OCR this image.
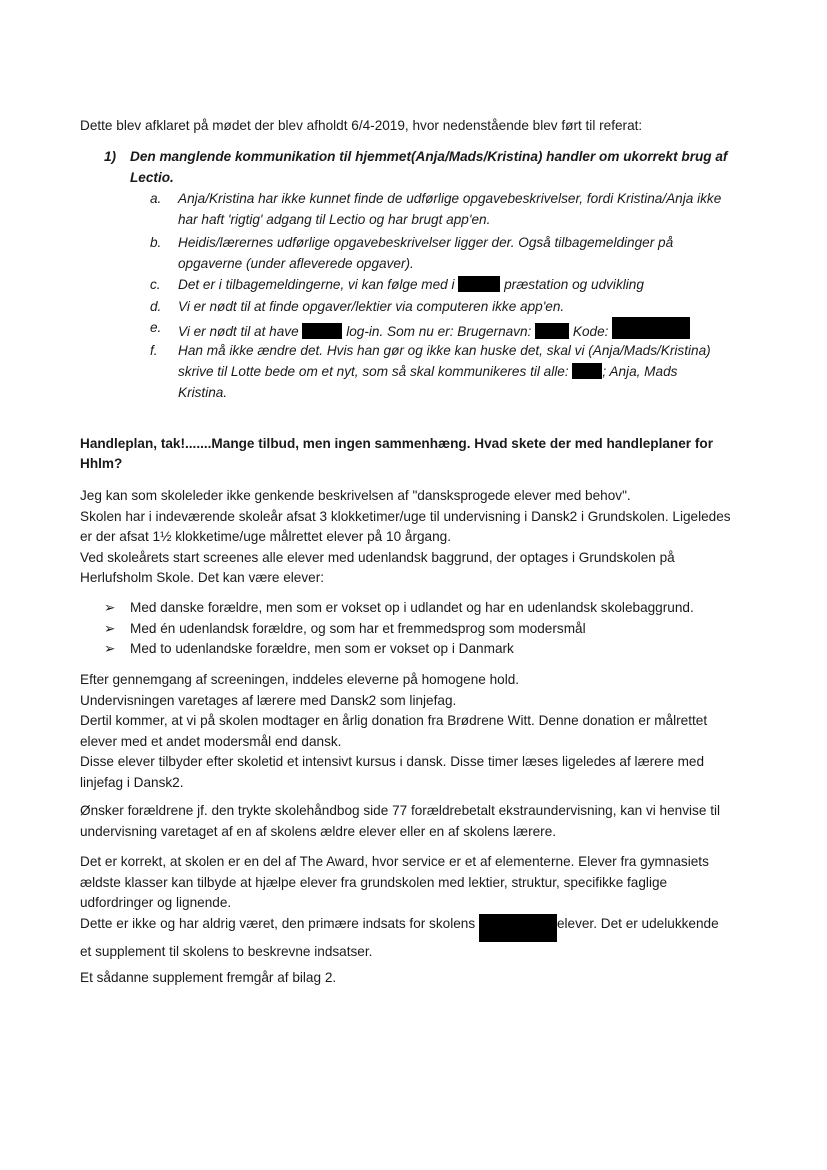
Dette blev afklaret på mødet der blev afholdt 6/4-2019, hvor nedenstående blev ført til referat:
1) Den manglende kommunikation til hjemmet(Anja/Mads/Kristina) handler om ukorrekt brug af
Lectio.
a. Anja/Kristina har ikke kunnet finde de udførlige opgavebeskrivelser, fordi Kristina/Anja ikke
har haft 'rigtig' adgang til Lectio og har brugt app'en.
b. Heidis/lærernes udførlige opgavebeskrivelser ligger der. Også tilbagemeldinger på
opgaverne (under afleverede opgaver).
c. Det er i tilbagemeldingerne, vi kan følge med i	præstation og udvikling
d. Vi er nødt til at finde opgaver/lektier via computeren ikke app'en.
e. Vi er nødt til at have	log-in. Som nu er: Brugernavn:	Kode:
f. Han må ikke ændre det. Hvis han gør og ikke kan huske det, skal vi (Anja/Mads/Kristina)
skrive til Lotte bede om et nyt, som så skal kommunikeres til alle: ; Anja, Mads
Kristina.
Handleplan, tak!.......Mange tilbud, men ingen sammenhæng. Hvad skete der med handleplaner for
Hhlm?
Jeg kan som skoleleder ikke genkende beskrivelsen af "dansksprogede elever med behov".
Skolen har i indeværende skoleår afsat 3 klokketimer/uge til undervisning i Dansk2 i Grundskolen. Ligeledes
er der afsat 1½ klokketime/uge målrettet elever på 10 årgang.
Ved skoleårets start screenes alle elever med udenlandsk baggrund, der optages i Grundskolen på
Herlufsholm Skole. Det kan være elever:
➢ Med danske forældre, men som er vokset op i udlandet og har en udenlandsk skolebaggrund.
➢ Med én udenlandsk forældre, og som har et fremmedsprog som modersmål
➢ Med to udenlandske forældre, men som er vokset op i Danmark
Efter gennemgang af screeningen, inddeles eleverne på homogene hold.
Undervisningen varetages af lærere med Dansk2 som linjefag.
Dertil kommer, at vi på skolen modtager en årlig donation fra Brødrene Witt. Denne donation er målrettet
elever med et andet modersmål end dansk.
Disse elever tilbyder efter skoletid et intensivt kursus i dansk. Disse timer læses ligeledes af lærere med
linjefag i Dansk2.
Ønsker forældrene jf. den trykte skolehåndbog side 77 forældrebetalt ekstraundervisning, kan vi henvise til
undervisning varetaget af en af skolens ældre elever eller en af skolens lærere.
Det er korrekt, at skolen er en del af The Award, hvor service er et af elementerne. Elever fra gymnasiets
ældste klasser kan tilbyde at hjælpe elever fra grundskolen med lektier, struktur, specifikke faglige
udfordringer og lignende.
Dette er ikke og har aldrig været, den primære indsats for skolens	elever. Det er udelukkende
et supplement til skolens to beskrevne indsatser.
Et sådanne supplement fremgår af bilag 2.
